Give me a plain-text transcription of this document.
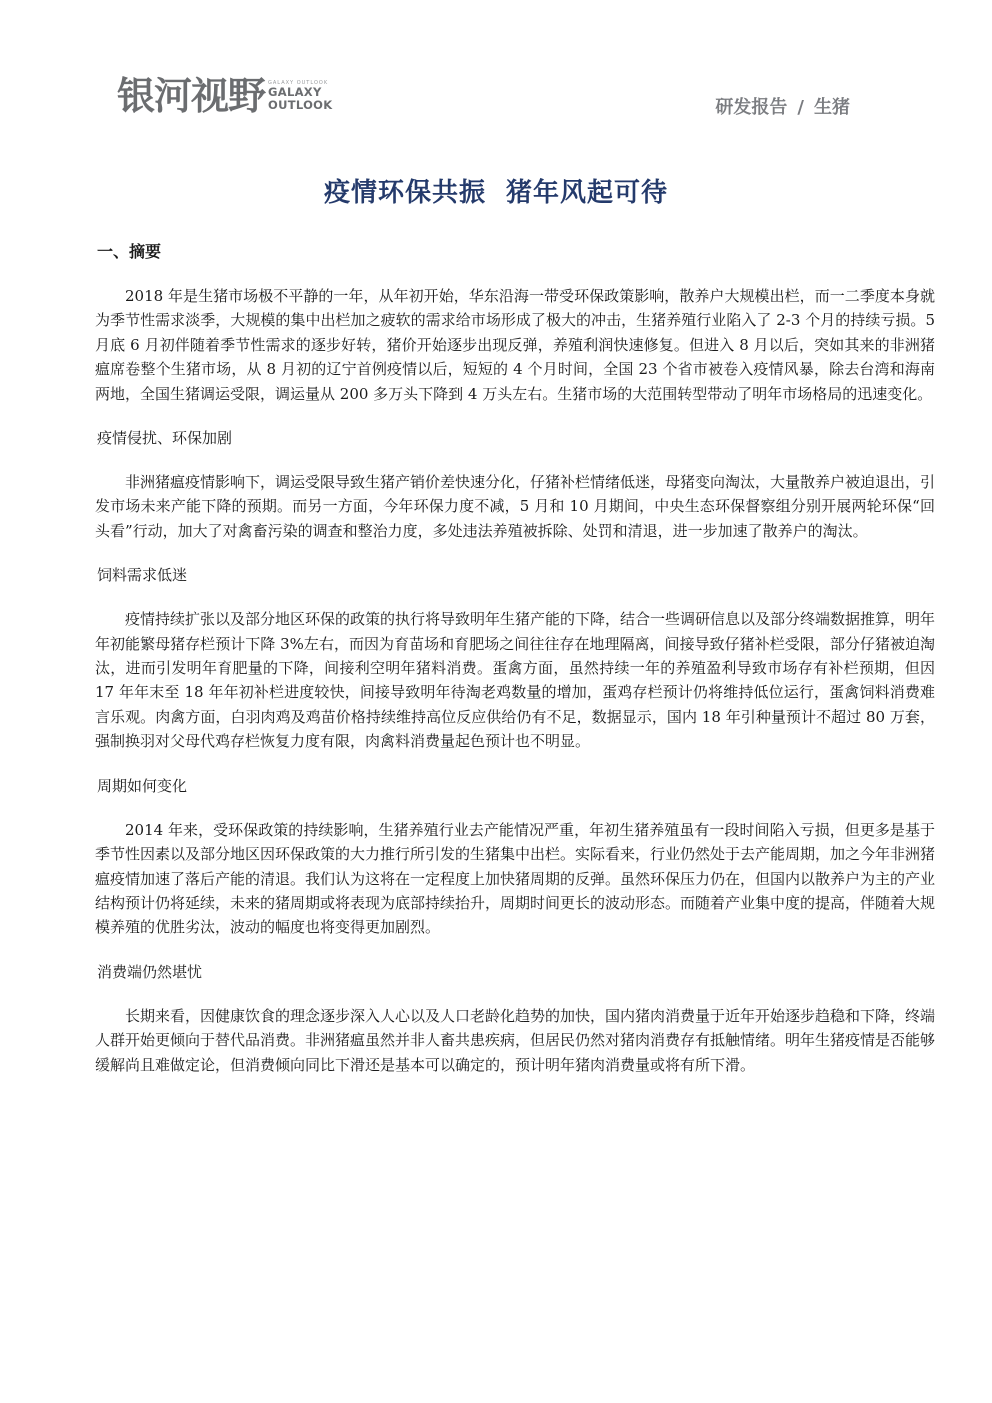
银河视野 GALAXY OUTLOOK
GALAXY
OUTLOOK	研发报告 / 生猪
疫情环保共振  猪年风起可待
一、摘要

2018 年是生猪市场极不平静的一年，从年初开始，华东沿海一带受环保政策影响，散养户大规模出栏，而一二季度本身就为季节性需求淡季，大规模的集中出栏加之疲软的需求给市场形成了极大的冲击，生猪养殖行业陷入了 2-3 个月的持续亏损。5 月底 6 月初伴随着季节性需求的逐步好转，猪价开始逐步出现反弹，养殖利润快速修复。但进入 8 月以后，突如其来的非洲猪瘟席卷整个生猪市场，从 8 月初的辽宁首例疫情以后，短短的 4 个月时间，全国 23 个省市被卷入疫情风暴，除去台湾和海南两地，全国生猪调运受限，调运量从 200 多万头下降到 4 万头左右。生猪市场的大范围转型带动了明年市场格局的迅速变化。

疫情侵扰、环保加剧

非洲猪瘟疫情影响下，调运受限导致生猪产销价差快速分化，仔猪补栏情绪低迷，母猪变向淘汰，大量散养户被迫退出，引发市场未来产能下降的预期。而另一方面，今年环保力度不减，5 月和 10 月期间，中央生态环保督察组分别开展两轮环保“回头看”行动，加大了对禽畜污染的调查和整治力度，多处违法养殖被拆除、处罚和清退，进一步加速了散养户的淘汰。

饲料需求低迷

疫情持续扩张以及部分地区环保的政策的执行将导致明年生猪产能的下降，结合一些调研信息以及部分终端数据推算，明年年初能繁母猪存栏预计下降 3%左右，而因为育苗场和育肥场之间往往存在地理隔离，间接导致仔猪补栏受限，部分仔猪被迫淘汰，进而引发明年育肥量的下降，间接利空明年猪料消费。蛋禽方面，虽然持续一年的养殖盈利导致市场存有补栏预期，但因 17 年年末至 18 年年初补栏进度较快，间接导致明年待淘老鸡数量的增加，蛋鸡存栏预计仍将维持低位运行，蛋禽饲料消费难言乐观。肉禽方面，白羽肉鸡及鸡苗价格持续维持高位反应供给仍有不足，数据显示，国内 18 年引种量预计不超过 80 万套，强制换羽对父母代鸡存栏恢复力度有限，肉禽料消费量起色预计也不明显。

周期如何变化

2014 年来，受环保政策的持续影响，生猪养殖行业去产能情况严重，年初生猪养殖虽有一段时间陷入亏损，但更多是基于季节性因素以及部分地区因环保政策的大力推行所引发的生猪集中出栏。实际看来，行业仍然处于去产能周期，加之今年非洲猪瘟疫情加速了落后产能的清退。我们认为这将在一定程度上加快猪周期的反弹。虽然环保压力仍在，但国内以散养户为主的产业结构预计仍将延续，未来的猪周期或将表现为底部持续抬升，周期时间更长的波动形态。而随着产业集中度的提高，伴随着大规模养殖的优胜劣汰，波动的幅度也将变得更加剧烈。

消费端仍然堪忧

长期来看，因健康饮食的理念逐步深入人心以及人口老龄化趋势的加快，国内猪肉消费量于近年开始逐步趋稳和下降，终端人群开始更倾向于替代品消费。非洲猪瘟虽然并非人畜共患疾病，但居民仍然对猪肉消费存有抵触情绪。明年生猪疫情是否能够缓解尚且难做定论，但消费倾向同比下滑还是基本可以确定的，预计明年猪肉消费量或将有所下滑。
